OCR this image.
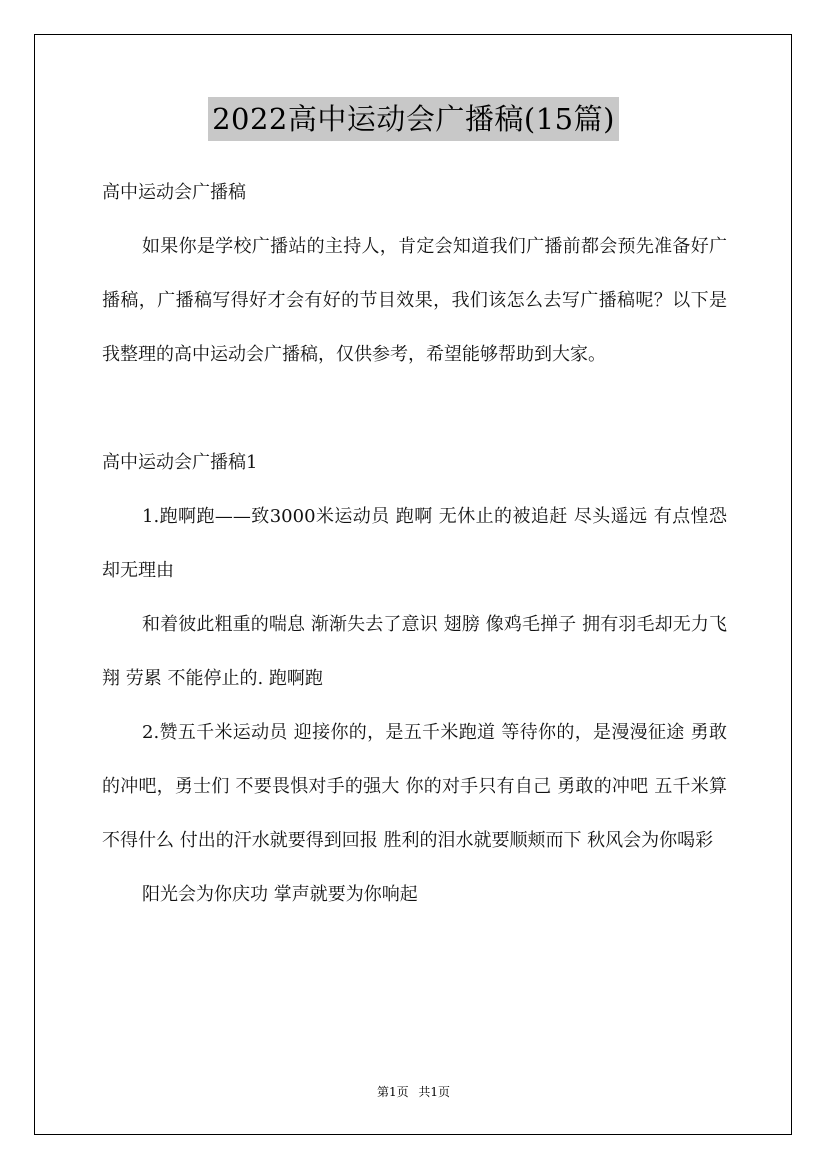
2022高中运动会广播稿(15篇)

高中运动会广播稿

如果你是学校广播站的主持人，肯定会知道我们广播前都会预先准备好广播稿，广播稿写得好才会有好的节目效果，我们该怎么去写广播稿呢？以下是我整理的高中运动会广播稿，仅供参考，希望能够帮助到大家。

高中运动会广播稿1

1.跑啊跑——致3000米运动员 跑啊 无休止的被追赶 尽头遥远 有点惶恐 却无理由

和着彼此粗重的喘息 渐渐失去了意识 翅膀 像鸡毛掸子 拥有羽毛却无力飞翔 劳累 不能停止的. 跑啊跑

2.赞五千米运动员 迎接你的，是五千米跑道 等待你的，是漫漫征途 勇敢的冲吧，勇士们 不要畏惧对手的强大 你的对手只有自己 勇敢的冲吧 五千米算不得什么 付出的汗水就要得到回报 胜利的泪水就要顺颊而下 秋风会为你喝彩

阳光会为你庆功 掌声就要为你响起

第1页 共1页
